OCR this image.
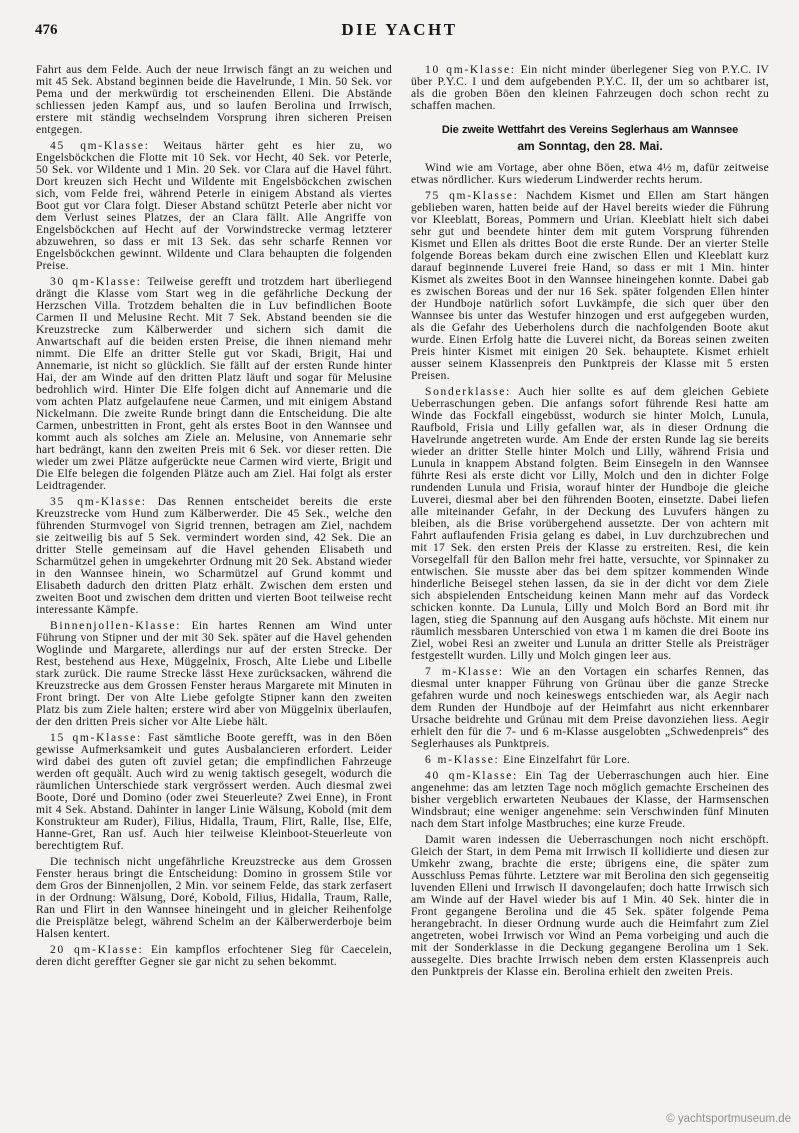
476	DIE YACHT

Fahrt aus dem Felde. Auch der neue Irrwisch fängt an zu weichen und mit 45 Sek. Abstand beginnen beide die Havelrunde, 1 Min. 50 Sek. vor Pema und der merkwürdig tot erscheinenden Elleni. Die Abstände schliessen jeden Kampf aus, und so laufen Berolina und Irrwisch, erstere mit ständig wechselndem Vorsprung ihren sicheren Preisen entgegen.

45 qm-Klasse: Weitaus härter geht es hier zu, wo Engelsböckchen die Flotte mit 10 Sek. vor Hecht, 40 Sek. vor Peterle, 50 Sek. vor Wildente und 1 Min. 20 Sek. vor Clara auf die Havel führt. Dort kreuzen sich Hecht und Wildente mit Engelsböckchen zwischen sich, vom Felde frei, während Peterle in einigem Abstand als viertes Boot gut vor Clara folgt. Dieser Abstand schützt Peterle aber nicht vor dem Verlust seines Platzes, der an Clara fällt. Alle Angriffe von Engelsböckchen auf Hecht auf der Vorwindstrecke vermag letzterer abzuwehren, so dass er mit 13 Sek. das sehr scharfe Rennen vor Engelsböckchen gewinnt. Wildente und Clara behaupten die folgenden Preise.

30 qm-Klasse: Teilweise gerefft und trotzdem hart überliegend drängt die Klasse vom Start weg in die gefährliche Deckung der Herzschen Villa. Trotzdem behalten die in Luv befindlichen Boote Carmen II und Melusine Recht. Mit 7 Sek. Abstand beenden sie die Kreuzstrecke zum Kälberwerder und sichern sich damit die Anwartschaft auf die beiden ersten Preise, die ihnen niemand mehr nimmt. Die Elfe an dritter Stelle gut vor Skadi, Brigit, Hai und Annemarie, ist nicht so glücklich. Sie fällt auf der ersten Runde hinter Hai, der am Winde auf den dritten Platz läuft und sogar für Melusine bedrohlich wird. Hinter Die Elfe folgen dicht auf Annemarie und die vom achten Platz aufgelaufene neue Carmen, und mit einigem Abstand Nickelmann. Die zweite Runde bringt dann die Entscheidung. Die alte Carmen, unbestritten in Front, geht als erstes Boot in den Wannsee und kommt auch als solches am Ziele an. Melusine, von Annemarie sehr hart bedrängt, kann den zweiten Preis mit 6 Sek. vor dieser retten. Die wieder um zwei Plätze aufgerückte neue Carmen wird vierte, Brigit und Die Elfe belegen die folgenden Plätze auch am Ziel. Hai folgt als erster Leidtragender.

35 qm-Klasse: Das Rennen entscheidet bereits die erste Kreuzstrecke vom Hund zum Kälberwerder. Die 45 Sek., welche den führenden Sturmvogel von Sigrid trennen, betragen am Ziel, nachdem sie zeitweilig bis auf 5 Sek. vermindert worden sind, 42 Sek. Die an dritter Stelle gemeinsam auf die Havel gehenden Elisabeth und Scharmützel gehen in umgekehrter Ordnung mit 20 Sek. Abstand wieder in den Wannsee hinein, wo Scharmützel auf Grund kommt und Elisabeth dadurch den dritten Platz erhält. Zwischen dem ersten und zweiten Boot und zwischen dem dritten und vierten Boot teilweise recht interessante Kämpfe.

Binnenjollen-Klasse: Ein hartes Rennen am Wind unter Führung von Stipner und der mit 30 Sek. später auf die Havel gehenden Woglinde und Margarete, allerdings nur auf der ersten Strecke. Der Rest, bestehend aus Hexe, Müggelnix, Frosch, Alte Liebe und Libelle stark zurück. Die raume Strecke lässt Hexe zurücksacken, während die Kreuzstrecke aus dem Grossen Fenster heraus Margarete mit Minuten in Front bringt. Der von Alte Liebe gefolgte Stipner kann den zweiten Platz bis zum Ziele halten; erstere wird aber von Müggelnix überlaufen, der den dritten Preis sicher vor Alte Liebe hält.

15 qm-Klasse: Fast sämtliche Boote gerefft, was in den Böen gewisse Aufmerksamkeit und gutes Ausbalancieren erfordert. Leider wird dabei des guten oft zuviel getan; die empfindlichen Fahrzeuge werden oft gequält. Auch wird zu wenig taktisch gesegelt, wodurch die räumlichen Unterschiede stark vergrössert werden. Auch diesmal zwei Boote, Doré und Domino (oder zwei Steuerleute? Zwei Enne), in Front mit 4 Sek. Abstand. Dahinter in langer Linie Wälsung, Kobold (mit dem Konstrukteur am Ruder), Filius, Hidalla, Traum, Flirt, Ralle, Ilse, Elfe, Hanne-Gret, Ran usf. Auch hier teilweise Kleinboot-Steuerleute von berechtigtem Ruf.

Die technisch nicht ungefährliche Kreuzstrecke aus dem Grossen Fenster heraus bringt die Entscheidung: Domino in grossem Stile vor dem Gros der Binnenjollen, 2 Min. vor seinem Felde, das stark zerfasert in der Ordnung: Wälsung, Doré, Kobold, Filius, Hidalla, Traum, Ralle, Ran und Flirt in den Wannsee hineingeht und in gleicher Reihenfolge die Preisplätze belegt, während Schelm an der Kälberwerderboje beim Halsen kentert.

20 qm-Klasse: Ein kampflos erfochtener Sieg für Caecelein, deren dicht gereffter Gegner sie gar nicht zu sehen bekommt.

10 qm-Klasse: Ein nicht minder überlegener Sieg von P.Y.C. IV über P.Y.C. I und dem aufgebenden P.Y.C. II, der um so achtbarer ist, als die groben Böen den kleinen Fahrzeugen doch schon recht zu schaffen machen.

Die zweite Wettfahrt des Vereins Seglerhaus am Wannsee
am Sonntag, den 28. Mai.

Wind wie am Vortage, aber ohne Böen, etwa 4½ m, dafür zeitweise etwas nördlicher. Kurs wiederum Lindwerder rechts herum.

75 qm-Klasse: Nachdem Kismet und Ellen am Start hängen geblieben waren, hatten beide auf der Havel bereits wieder die Führung vor Kleeblatt, Boreas, Pommern und Urian. Kleeblatt hielt sich dabei sehr gut und beendete hinter dem mit gutem Vorsprung führenden Kismet und Ellen als drittes Boot die erste Runde. Der an vierter Stelle folgende Boreas bekam durch eine zwischen Ellen und Kleeblatt kurz darauf beginnende Luverei freie Hand, so dass er mit 1 Min. hinter Kismet als zweites Boot in den Wannsee hineingehen konnte. Dabei gab es zwischen Boreas und der nur 16 Sek. später folgenden Ellen hinter der Hundboje natürlich sofort Luvkämpfe, die sich quer über den Wannsee bis unter das Westufer hinzogen und erst aufgegeben wurden, als die Gefahr des Ueberholens durch die nachfolgenden Boote akut wurde. Einen Erfolg hatte die Luverei nicht, da Boreas seinen zweiten Preis hinter Kismet mit einigen 20 Sek. behauptete. Kismet erhielt ausser seinem Klassenpreis den Punktpreis der Klasse mit 5 ersten Preisen.

Sonderklasse: Auch hier sollte es auf dem gleichen Gebiete Ueberraschungen geben. Die anfangs sofort führende Resi hatte am Winde das Fockfall eingebüsst, wodurch sie hinter Molch, Lunula, Raufbold, Frisia und Lilly gefallen war, als in dieser Ordnung die Havelrunde angetreten wurde. Am Ende der ersten Runde lag sie bereits wieder an dritter Stelle hinter Molch und Lilly, während Frisia und Lunula in knappem Abstand folgten. Beim Einsegeln in den Wannsee führte Resi als erste dicht vor Lilly, Molch und den in dichter Folge rundenden Lunula und Frisia, worauf hinter der Hundboje die gleiche Luverei, diesmal aber bei den führenden Booten, einsetzte. Dabei liefen alle miteinander Gefahr, in der Deckung des Luvufers hängen zu bleiben, als die Brise vorübergehend aussetzte. Der von achtern mit Fahrt auflaufenden Frisia gelang es dabei, in Luv durchzubrechen und mit 17 Sek. den ersten Preis der Klasse zu erstreiten. Resi, die kein Vorsegelfall für den Ballon mehr frei hatte, versuchte, vor Spinnaker zu entwischen. Sie musste aber das bei dem spitzer kommenden Winde hinderliche Beisegel stehen lassen, da sie in der dicht vor dem Ziele sich abspielenden Entscheidung keinen Mann mehr auf das Vordeck schicken konnte. Da Lunula, Lilly und Molch Bord an Bord mit ihr lagen, stieg die Spannung auf den Ausgang aufs höchste. Mit einem nur räumlich messbaren Unterschied von etwa 1 m kamen die drei Boote ins Ziel, wobei Resi an zweiter und Lunula an dritter Stelle als Preisträger festgestellt wurden. Lilly und Molch gingen leer aus.

7 m-Klasse: Wie an den Vortagen ein scharfes Rennen, das diesmal unter knapper Führung von Grünau über die ganze Strecke gefahren wurde und noch keineswegs entschieden war, als Aegir nach dem Runden der Hundboje auf der Heimfahrt aus nicht erkennbarer Ursache beidrehte und Grünau mit dem Preise davonziehen liess. Aegir erhielt den für die 7- und 6 m-Klasse ausgelobten „Schwedenpreis“ des Seglerhauses als Punktpreis.

6 m-Klasse: Eine Einzelfahrt für Lore.

40 qm-Klasse: Ein Tag der Ueberraschungen auch hier. Eine angenehme: das am letzten Tage noch möglich gemachte Erscheinen des bisher vergeblich erwarteten Neubaues der Klasse, der Harmsenschen Windsbraut; eine weniger angenehme: sein Verschwinden fünf Minuten nach dem Start infolge Mastbruches; eine kurze Freude.

Damit waren indessen die Ueberraschungen noch nicht erschöpft. Gleich der Start, in dem Pema mit Irrwisch II kollidierte und diesen zur Umkehr zwang, brachte die erste; übrigens eine, die später zum Ausschluss Pemas führte. Letztere war mit Berolina den sich gegenseitig luvenden Elleni und Irrwisch II davongelaufen; doch hatte Irrwisch sich am Winde auf der Havel wieder bis auf 1 Min. 40 Sek. hinter die in Front gegangene Berolina und die 45 Sek. später folgende Pema herangebracht. In dieser Ordnung wurde auch die Heimfahrt zum Ziel angetreten, wobei Irrwisch vor Wind an Pema vorbeiging und auch die mit der Sonderklasse in die Deckung gegangene Berolina um 1 Sek. aussegelte. Dies brachte Irrwisch neben dem ersten Klassenpreis auch den Punktpreis der Klasse ein. Berolina erhielt den zweiten Preis.

© yachtsportmuseum.de
